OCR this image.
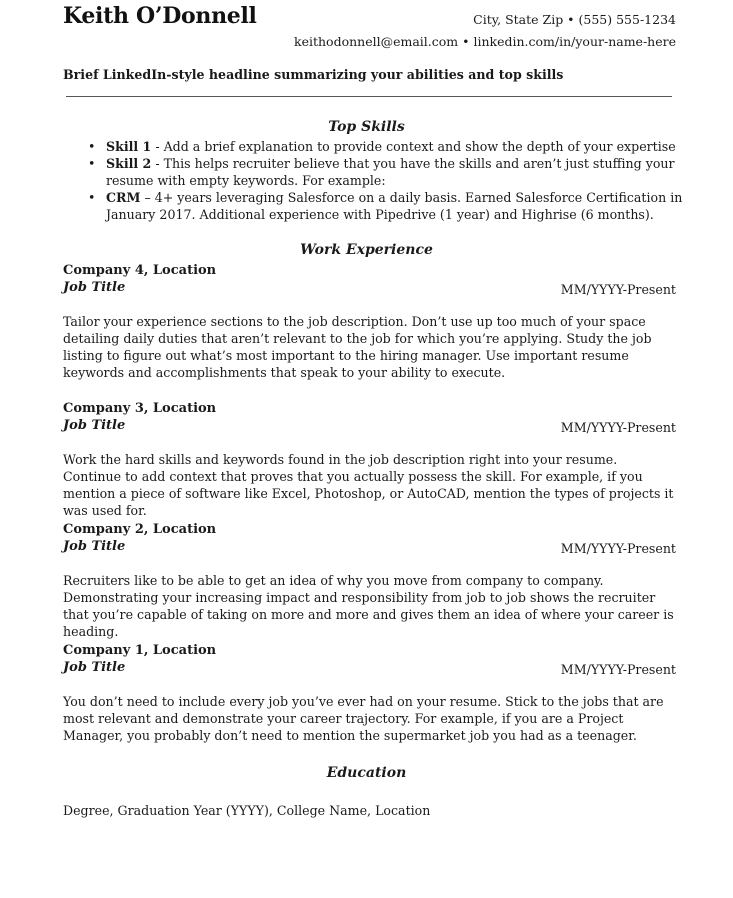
Keith O’Donnell	City, State Zip • (555) 555-1234
keithodonnell@email.com • linkedin.com/in/your-name-here
Brief LinkedIn-style headline summarizing your abilities and top skills
Top Skills
• Skill 1 - Add a brief explanation to provide context and show the depth of your expertise
• Skill 2 - This helps recruiter believe that you have the skills and aren’t just stuffing your resume with empty keywords. For example:
• CRM – 4+ years leveraging Salesforce on a daily basis. Earned Salesforce Certification in January 2017. Additional experience with Pipedrive (1 year) and Highrise (6 months).
Work Experience
Company 4, Location
Job Title	MM/YYYY-Present
Tailor your experience sections to the job description. Don’t use up too much of your space detailing daily duties that aren’t relevant to the job for which you’re applying. Study the job listing to figure out what’s most important to the hiring manager. Use important resume keywords and accomplishments that speak to your ability to execute.
Company 3, Location
Job Title	MM/YYYY-Present
Work the hard skills and keywords found in the job description right into your resume. Continue to add context that proves that you actually possess the skill. For example, if you mention a piece of software like Excel, Photoshop, or AutoCAD, mention the types of projects it was used for.
Company 2, Location
Job Title	MM/YYYY-Present
Recruiters like to be able to get an idea of why you move from company to company. Demonstrating your increasing impact and responsibility from job to job shows the recruiter that you’re capable of taking on more and more and gives them an idea of where your career is heading.
Company 1, Location
Job Title	MM/YYYY-Present
You don’t need to include every job you’ve ever had on your resume. Stick to the jobs that are most relevant and demonstrate your career trajectory. For example, if you are a Project Manager, you probably don’t need to mention the supermarket job you had as a teenager.
Education
Degree, Graduation Year (YYYY), College Name, Location
